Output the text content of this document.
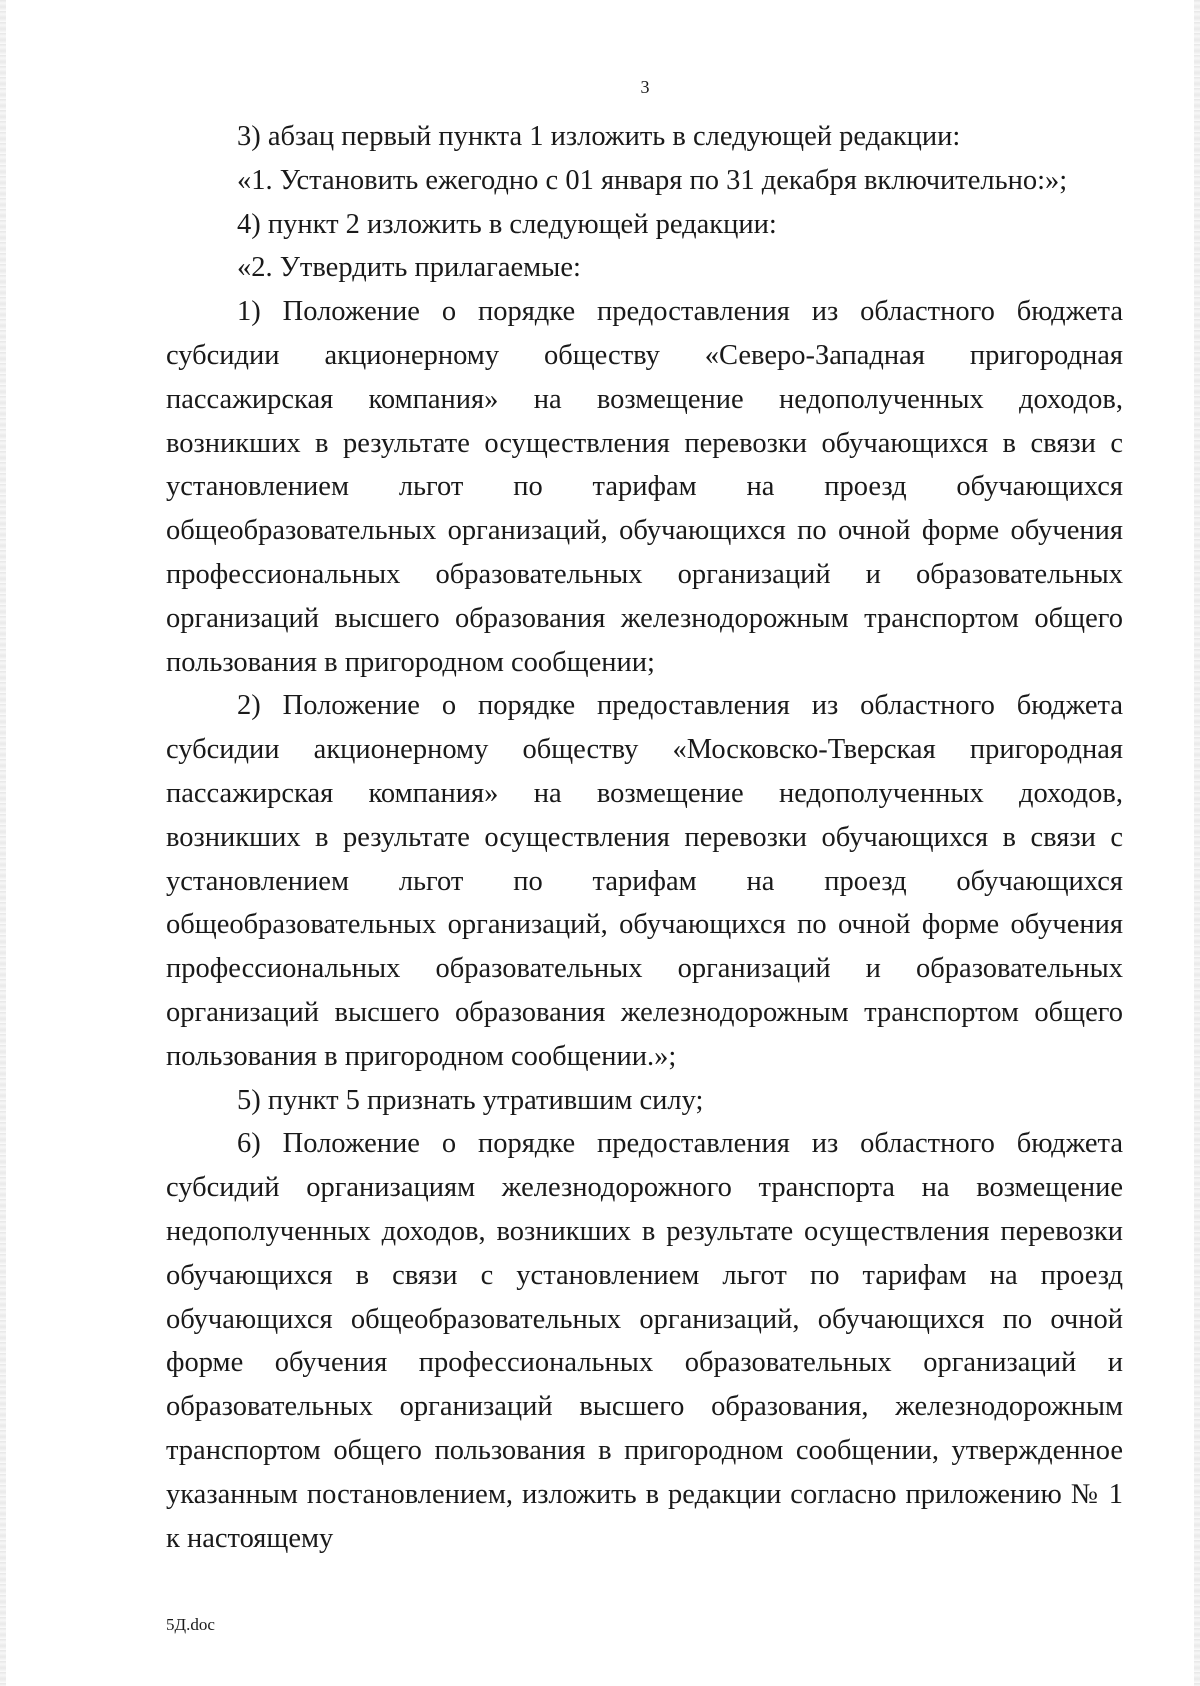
3

3) абзац первый пункта 1 изложить в следующей редакции:

«1. Установить ежегодно с 01 января по 31 декабря включительно:»;

4) пункт 2 изложить в следующей редакции:

«2. Утвердить прилагаемые:

1) Положение о порядке предоставления из областного бюджета субсидии акционерному обществу «Северо-Западная пригородная пассажирская компания» на возмещение недополученных доходов, возникших в результате осуществления перевозки обучающихся в связи с установлением льгот по тарифам на проезд обучающихся общеобразовательных организаций, обучающихся по очной форме обучения профессиональных образовательных организаций и образовательных организаций высшего образования железнодорожным транспортом общего пользования в пригородном сообщении;

2) Положение о порядке предоставления из областного бюджета субсидии акционерному обществу «Московско-Тверская пригородная пассажирская компания» на возмещение недополученных доходов, возникших в результате осуществления перевозки обучающихся в связи с установлением льгот по тарифам на проезд обучающихся общеобразовательных организаций, обучающихся по очной форме обучения профессиональных образовательных организаций и образовательных организаций высшего образования железнодорожным транспортом общего пользования в пригородном сообщении.»;

5) пункт 5 признать утратившим силу;

6) Положение о порядке предоставления из областного бюджета субсидий организациям железнодорожного транспорта на возмещение недополученных доходов, возникших в результате осуществления перевозки обучающихся в связи с установлением льгот по тарифам на проезд обучающихся общеобразовательных организаций, обучающихся по очной форме обучения профессиональных образовательных организаций и образовательных организаций высшего образования, железнодорожным транспортом общего пользования в пригородном сообщении, утвержденное указанным постановлением, изложить в редакции согласно приложению № 1 к настоящему

5Д.doc
